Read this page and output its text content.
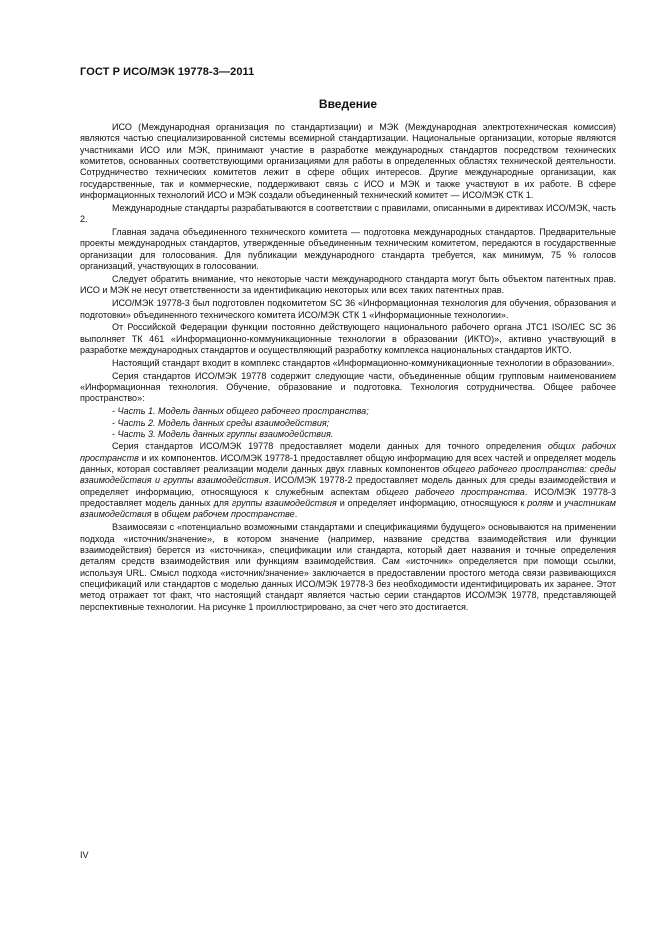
ГОСТ Р ИСО/МЭК 19778-3—2011
Введение

ИСО (Международная организация по стандартизации) и МЭК (Международная электротехническая комиссия) являются частью специализированной системы всемирной стандартизации. Национальные организации, которые являются участниками ИСО или МЭК, принимают участие в разработке международных стандартов посредством технических комитетов, основанных соответствующими организациями для работы в определенных областях технической деятельности. Сотрудничество технических комитетов лежит в сфере общих интересов. Другие международные организации, как государственные, так и коммерческие, поддерживают связь с ИСО и МЭК и также участвуют в их работе. В сфере информационных технологий ИСО и МЭК создали объединенный технический комитет — ИСО/МЭК СТК 1.

Международные стандарты разрабатываются в соответствии с правилами, описанными в директивах ИСО/МЭК, часть 2.

Главная задача объединенного технического комитета — подготовка международных стандартов. Предварительные проекты международных стандартов, утвержденные объединенным техническим комитетом, передаются в государственные организации для голосования. Для публикации международного стандарта требуется, как минимум, 75 % голосов организаций, участвующих в голосовании.

Следует обратить внимание, что некоторые части международного стандарта могут быть объектом патентных прав. ИСО и МЭК не несут ответственности за идентификацию некоторых или всех таких патентных прав.

ИСО/МЭК 19778-3 был подготовлен подкомитетом SC 36 «Информационная технология для обучения, образования и подготовки» объединенного технического комитета ИСО/МЭК СТК 1 «Информационные технологии».

От Российской Федерации функции постоянно действующего национального рабочего органа JTC1 ISO/IEC SC 36 выполняет ТК 461 «Информационно-коммуникационные технологии в образовании (ИКТО)», активно участвующий в разработке международных стандартов и осуществляющий разработку комплекса национальных стандартов ИКТО.

Настоящий стандарт входит в комплекс стандартов «Информационно-коммуникационные технологии в образовании».

Серия стандартов ИСО/МЭК 19778 содержит следующие части, объединенные общим групповым наименованием «Информационная технология. Обучение, образование и подготовка. Технология сотрудничества. Общее рабочее пространство»:

- Часть 1. Модель данных общего рабочего пространства;
- Часть 2. Модель данных среды взаимодействия;
- Часть 3. Модель данных группы взаимодействия.

Серия стандартов ИСО/МЭК 19778 предоставляет модели данных для точного определения общих рабочих пространств и их компонентов. ИСО/МЭК 19778-1 предоставляет общую информацию для всех частей и определяет модель данных, которая составляет реализации модели данных двух главных компонентов общего рабочего пространства: среды взаимодействия и группы взаимодействия. ИСО/МЭК 19778-2 предоставляет модель данных для среды взаимодействия и определяет информацию, относящуюся к служебным аспектам общего рабочего пространства. ИСО/МЭК 19778-3 предоставляет модель данных для группы взаимодействия и определяет информацию, относящуюся к ролям и участникам взаимодействия в общем рабочем пространстве.

Взаимосвязи с «потенциально возможными стандартами и спецификациями будущего» основываются на применении подхода «источник/значение», в котором значение (например, название средства взаимодействия или функции взаимодействия) берется из «источника», спецификации или стандарта, который дает названия и точные определения деталям средств взаимодействия или функциям взаимодействия. Сам «источник» определяется при помощи ссылки, используя URL. Смысл подхода «источник/значение» заключается в предоставлении простого метода связи развивающихся спецификаций или стандартов с моделью данных ИСО/МЭК 19778-3 без необходимости идентифицировать их заранее. Этот метод отражает тот факт, что настоящий стандарт является частью серии стандартов ИСО/МЭК 19778, представляющей перспективные технологии. На рисунке 1 проиллюстрировано, за счет чего это достигается.

IV
